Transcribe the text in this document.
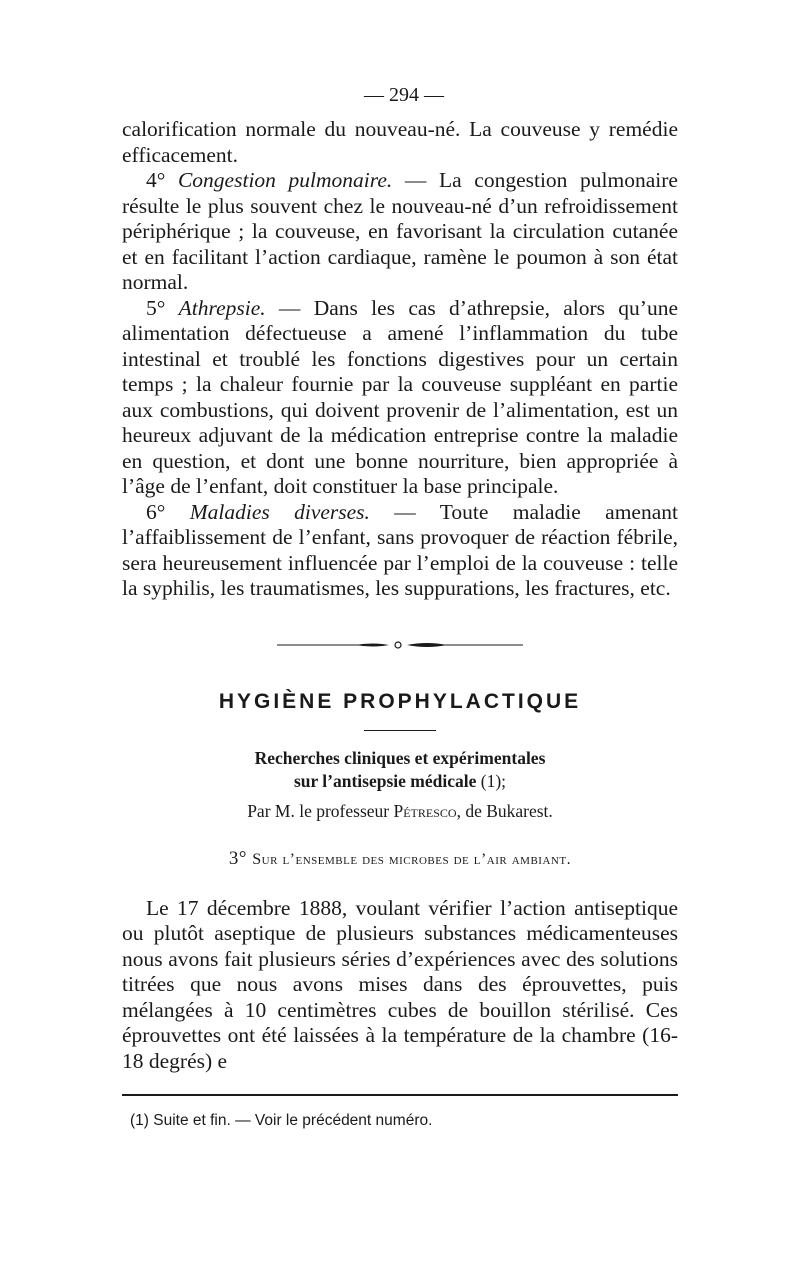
— 294 —

calorification normale du nouveau-né. La couveuse y remédie efficacement.

4° Congestion pulmonaire. — La congestion pulmonaire résulte le plus souvent chez le nouveau-né d’un refroidissement périphérique ; la couveuse, en favorisant la circulation cutanée et en facilitant l’action cardiaque, ramène le poumon à son état normal.

5° Athrepsie. — Dans les cas d’athrepsie, alors qu’une alimentation défectueuse a amené l’inflammation du tube intestinal et troublé les fonctions digestives pour un certain temps ; la chaleur fournie par la couveuse suppléant en partie aux combustions, qui doivent provenir de l’alimentation, est un heureux adjuvant de la médication entreprise contre la maladie en question, et dont une bonne nourriture, bien appropriée à l’âge de l’enfant, doit constituer la base principale.

6° Maladies diverses. — Toute maladie amenant l’affaiblissement de l’enfant, sans provoquer de réaction fébrile, sera heureusement influencée par l’emploi de la couveuse : telle la syphilis, les traumatismes, les suppurations, les fractures, etc.

HYGIÈNE PROPHYLACTIQUE
Recherches cliniques et expérimentales
sur l’antisepsie médicale (1);
Par M. le professeur Pétresco, de Bukarest.
3° Sur l’ensemble des microbes de l’air ambiant.

Le 17 décembre 1888, voulant vérifier l’action antiseptique ou plutôt aseptique de plusieurs substances médicamenteuses nous avons fait plusieurs séries d’expériences avec des solutions titrées que nous avons mises dans des éprouvettes, puis mélangées à 10 centimètres cubes de bouillon stérilisé. Ces éprouvettes ont été laissées à la température de la chambre (16-18 degrés) e

(1) Suite et fin. — Voir le précédent numéro.
